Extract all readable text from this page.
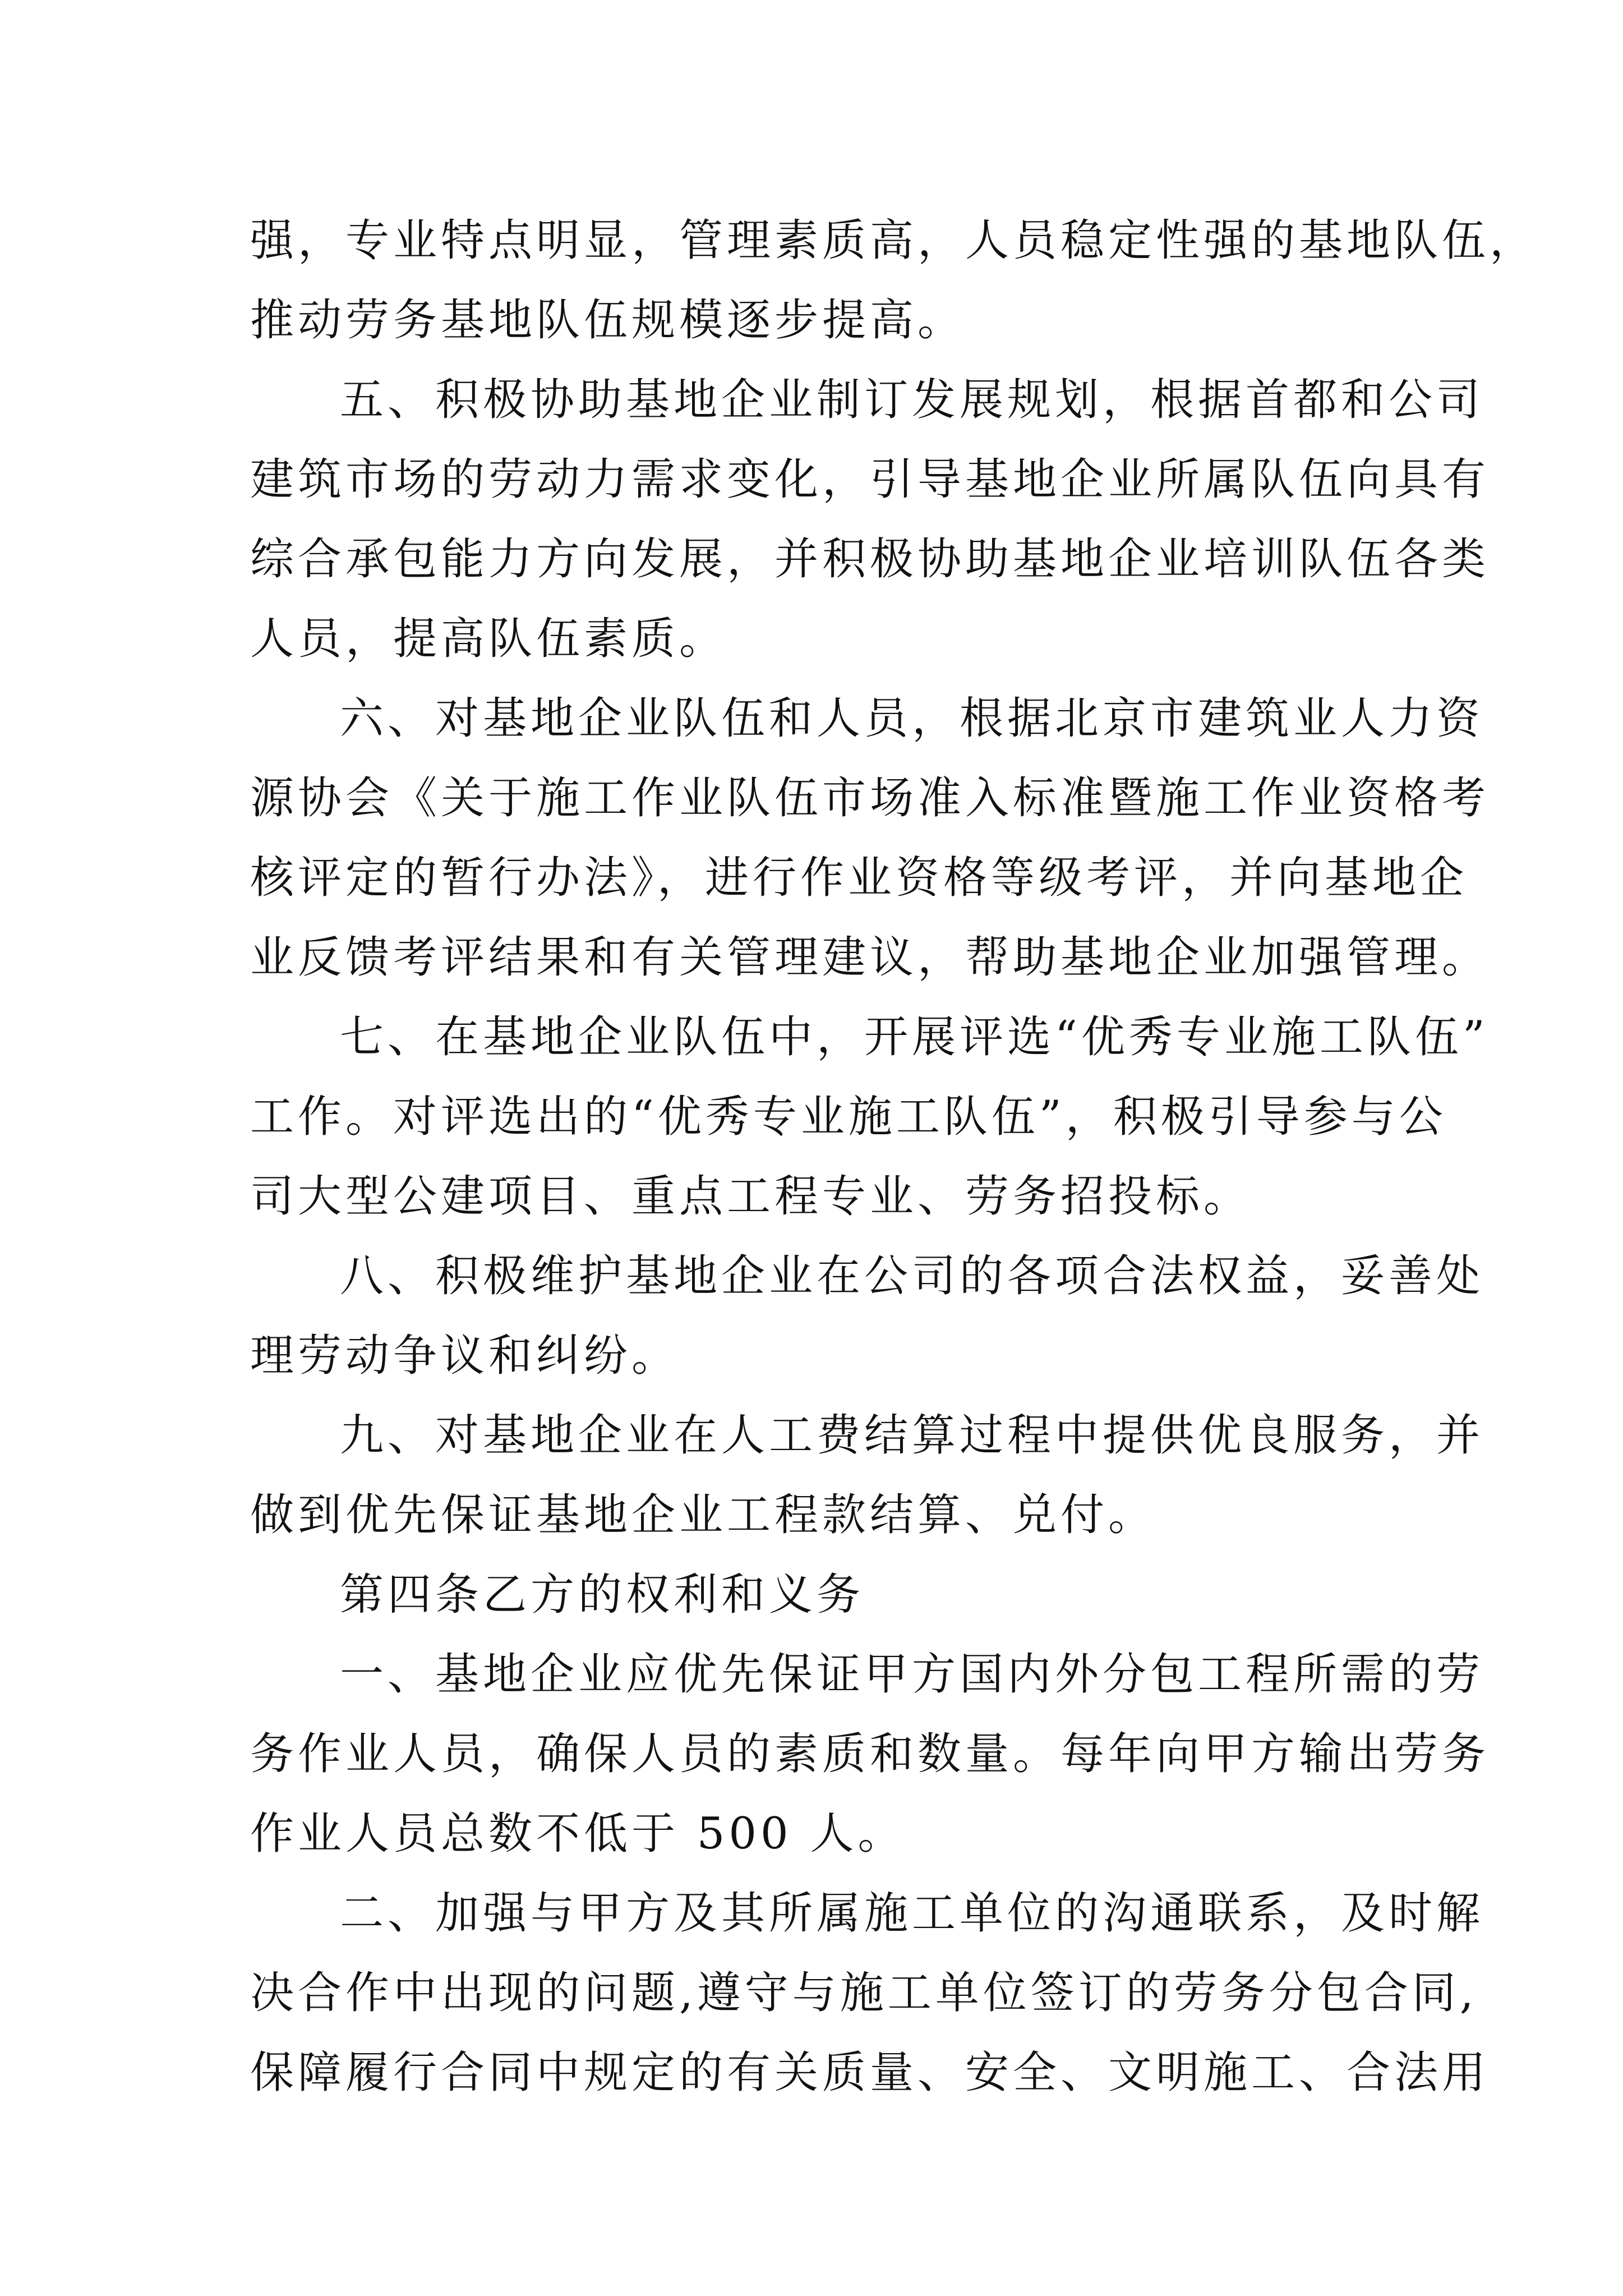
强，专业特点明显，管理素质高，人员稳定性强的基地队伍，
推动劳务基地队伍规模逐步提高。
五、积极协助基地企业制订发展规划，根据首都和公司
建筑市场的劳动力需求变化，引导基地企业所属队伍向具有
综合承包能力方向发展，并积极协助基地企业培训队伍各类
人员，提高队伍素质。
六、对基地企业队伍和人员，根据北京市建筑业人力资
源协会《关于施工作业队伍市场准入标准暨施工作业资格考
核评定的暂行办法》，进行作业资格等级考评，并向基地企
业反馈考评结果和有关管理建议，帮助基地企业加强管理。
七、在基地企业队伍中，开展评选“优秀专业施工队伍”
工作。对评选出的“优秀专业施工队伍”，积极引导参与公
司大型公建项目、重点工程专业、劳务招投标。
八、积极维护基地企业在公司的各项合法权益，妥善处
理劳动争议和纠纷。
九、对基地企业在人工费结算过程中提供优良服务，并
做到优先保证基地企业工程款结算、兑付。
第四条乙方的权利和义务
一、基地企业应优先保证甲方国内外分包工程所需的劳
务作业人员，确保人员的素质和数量。每年向甲方输出劳务
作业人员总数不低于 500 人。
二、加强与甲方及其所属施工单位的沟通联系，及时解
决合作中出现的问题,遵守与施工单位签订的劳务分包合同,
保障履行合同中规定的有关质量、安全、文明施工、合法用
